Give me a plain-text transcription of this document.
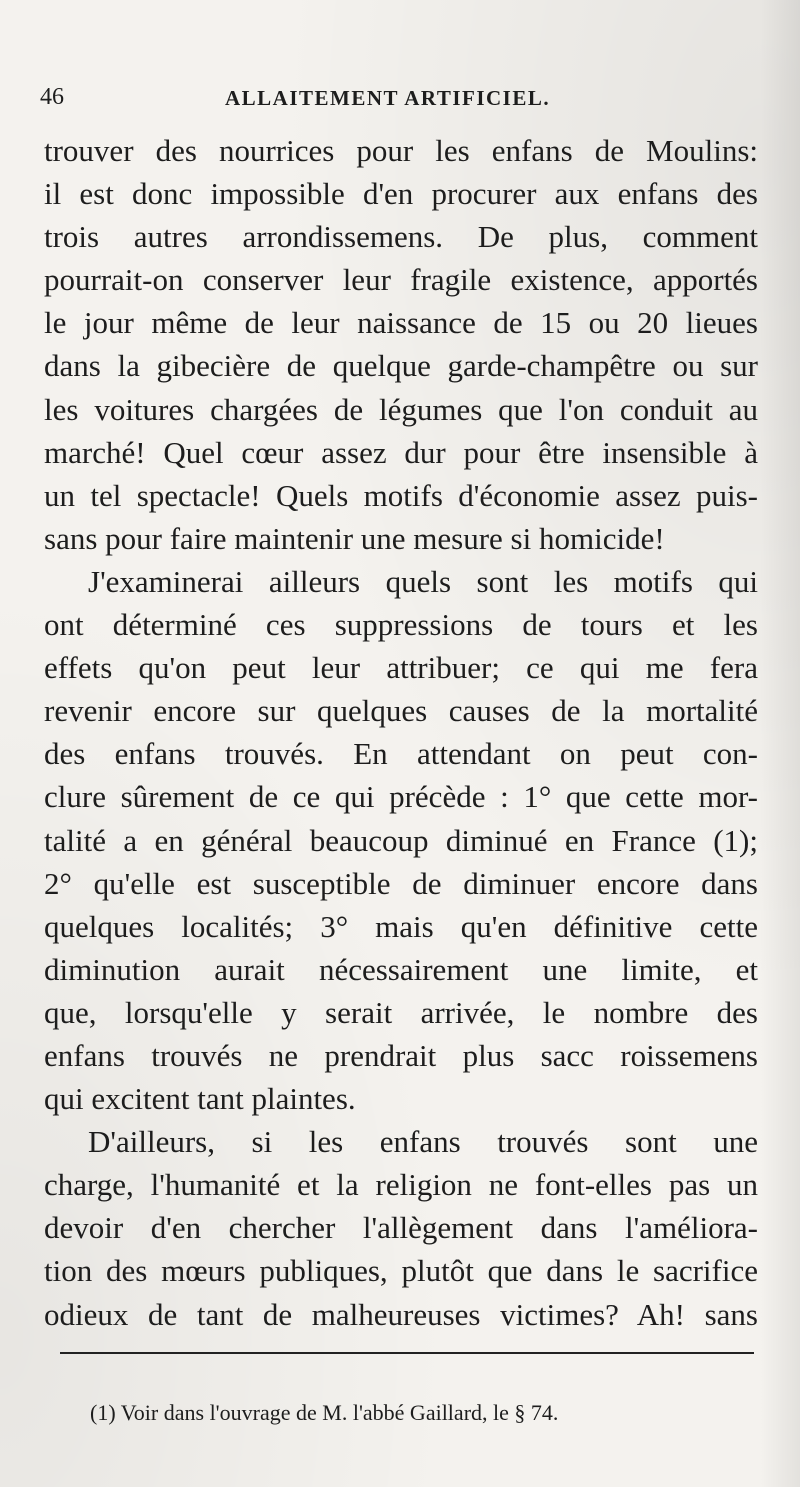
46	ALLAITEMENT ARTIFICIEL.
trouver des nourrices pour les enfans de Moulins:
il est donc impossible d'en procurer aux enfans des
trois autres arrondissemens. De plus, comment
pourrait-on conserver leur fragile existence, apportés
le jour même de leur naissance de 15 ou 20 lieues
dans la gibecière de quelque garde-champêtre ou sur
les voitures chargées de légumes que l'on conduit au
marché! Quel cœur assez dur pour être insensible à
un tel spectacle! Quels motifs d'économie assez puis-
sans pour faire maintenir une mesure si homicide!
J'examinerai ailleurs quels sont les motifs qui
ont déterminé ces suppressions de tours et les
effets qu'on peut leur attribuer; ce qui me fera
revenir encore sur quelques causes de la mortalité
des enfans trouvés. En attendant on peut con-
clure sûrement de ce qui précède : 1° que cette mor-
talité a en général beaucoup diminué en France (1);
2° qu'elle est susceptible de diminuer encore dans
quelques localités; 3° mais qu'en définitive cette
diminution aurait nécessairement une limite, et
que, lorsqu'elle y serait arrivée, le nombre des
enfans trouvés ne prendrait plus sacc roissemens
qui excitent tant plaintes.
D'ailleurs, si les enfans trouvés sont une
charge, l'humanité et la religion ne font-elles pas un
devoir d'en chercher l'allègement dans l'améliora-
tion des mœurs publiques, plutôt que dans le sacrifice
odieux de tant de malheureuses victimes? Ah! sans
(1) Voir dans l'ouvrage de M. l'abbé Gaillard, le § 74.
